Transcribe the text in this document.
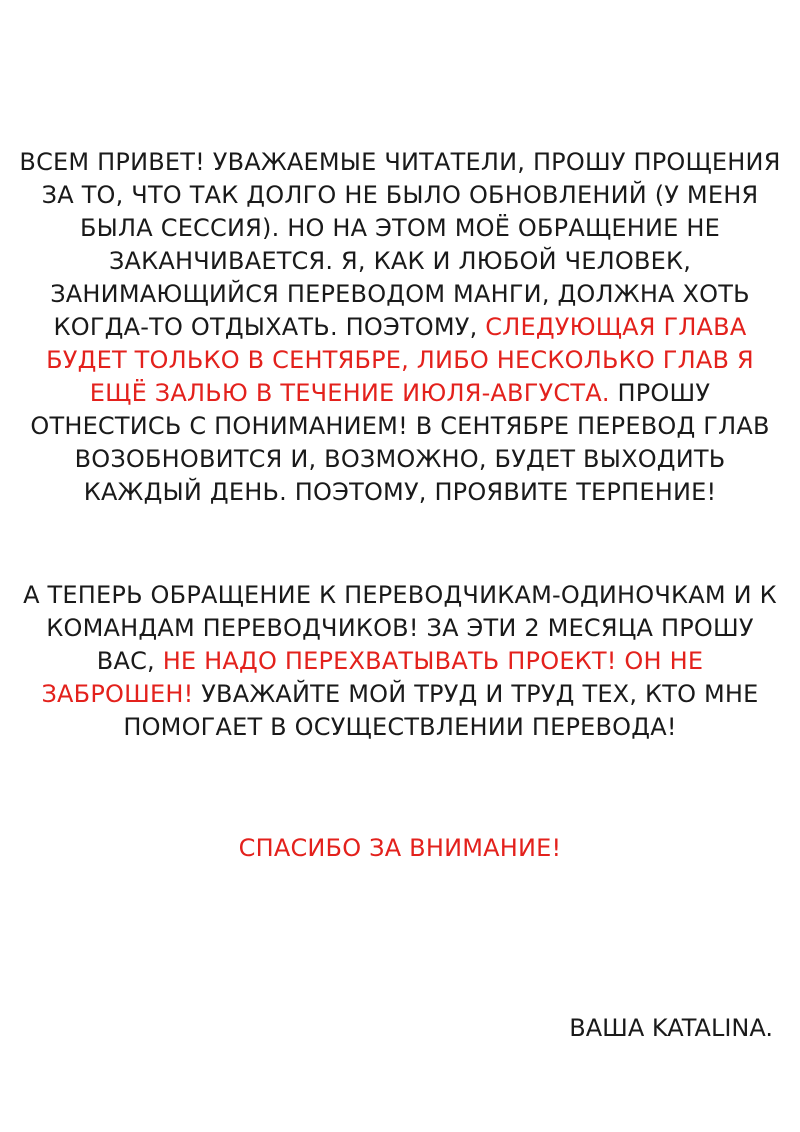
ВСЕМ ПРИВЕТ! УВАЖАЕМЫЕ ЧИТАТЕЛИ, ПРОШУ ПРОЩЕНИЯ

ЗА ТО, ЧТО ТАК ДОЛГО НЕ БЫЛО ОБНОВЛЕНИЙ (У МЕНЯ

БЫЛА СЕССИЯ). НО НА ЭТОМ МОЁ ОБРАЩЕНИЕ НЕ

ЗАКАНЧИВАЕТСЯ. Я, КАК И ЛЮБОЙ ЧЕЛОВЕК,

ЗАНИМАЮЩИЙСЯ ПЕРЕВОДОМ МАНГИ, ДОЛЖНА ХОТЬ

КОГДА-ТО ОТДЫХАТЬ. ПОЭТОМУ, СЛЕДУЮЩАЯ ГЛАВА

БУДЕТ ТОЛЬКО В СЕНТЯБРЕ, ЛИБО НЕСКОЛЬКО ГЛАВ Я

ЕЩЁ ЗАЛЬЮ В ТЕЧЕНИЕ ИЮЛЯ-АВГУСТА. ПРОШУ

ОТНЕСТИСЬ С ПОНИМАНИЕМ! В СЕНТЯБРЕ ПЕРЕВОД ГЛАВ

ВОЗОБНОВИТСЯ И, ВОЗМОЖНО, БУДЕТ ВЫХОДИТЬ

КАЖДЫЙ ДЕНЬ. ПОЭТОМУ, ПРОЯВИТЕ ТЕРПЕНИЕ!

А ТЕПЕРЬ ОБРАЩЕНИЕ К ПЕРЕВОДЧИКАМ-ОДИНОЧКАМ И К

КОМАНДАМ ПЕРЕВОДЧИКОВ! ЗА ЭТИ 2 МЕСЯЦА ПРОШУ

ВАС, НЕ НАДО ПЕРЕХВАТЫВАТЬ ПРОЕКТ! ОН НЕ

ЗАБРОШЕН! УВАЖАЙТЕ МОЙ ТРУД И ТРУД ТЕХ, КТО МНЕ

ПОМОГАЕТ В ОСУЩЕСТВЛЕНИИ ПЕРЕВОДА!

СПАСИБО ЗА ВНИМАНИЕ!

ВАША KATALINA.
